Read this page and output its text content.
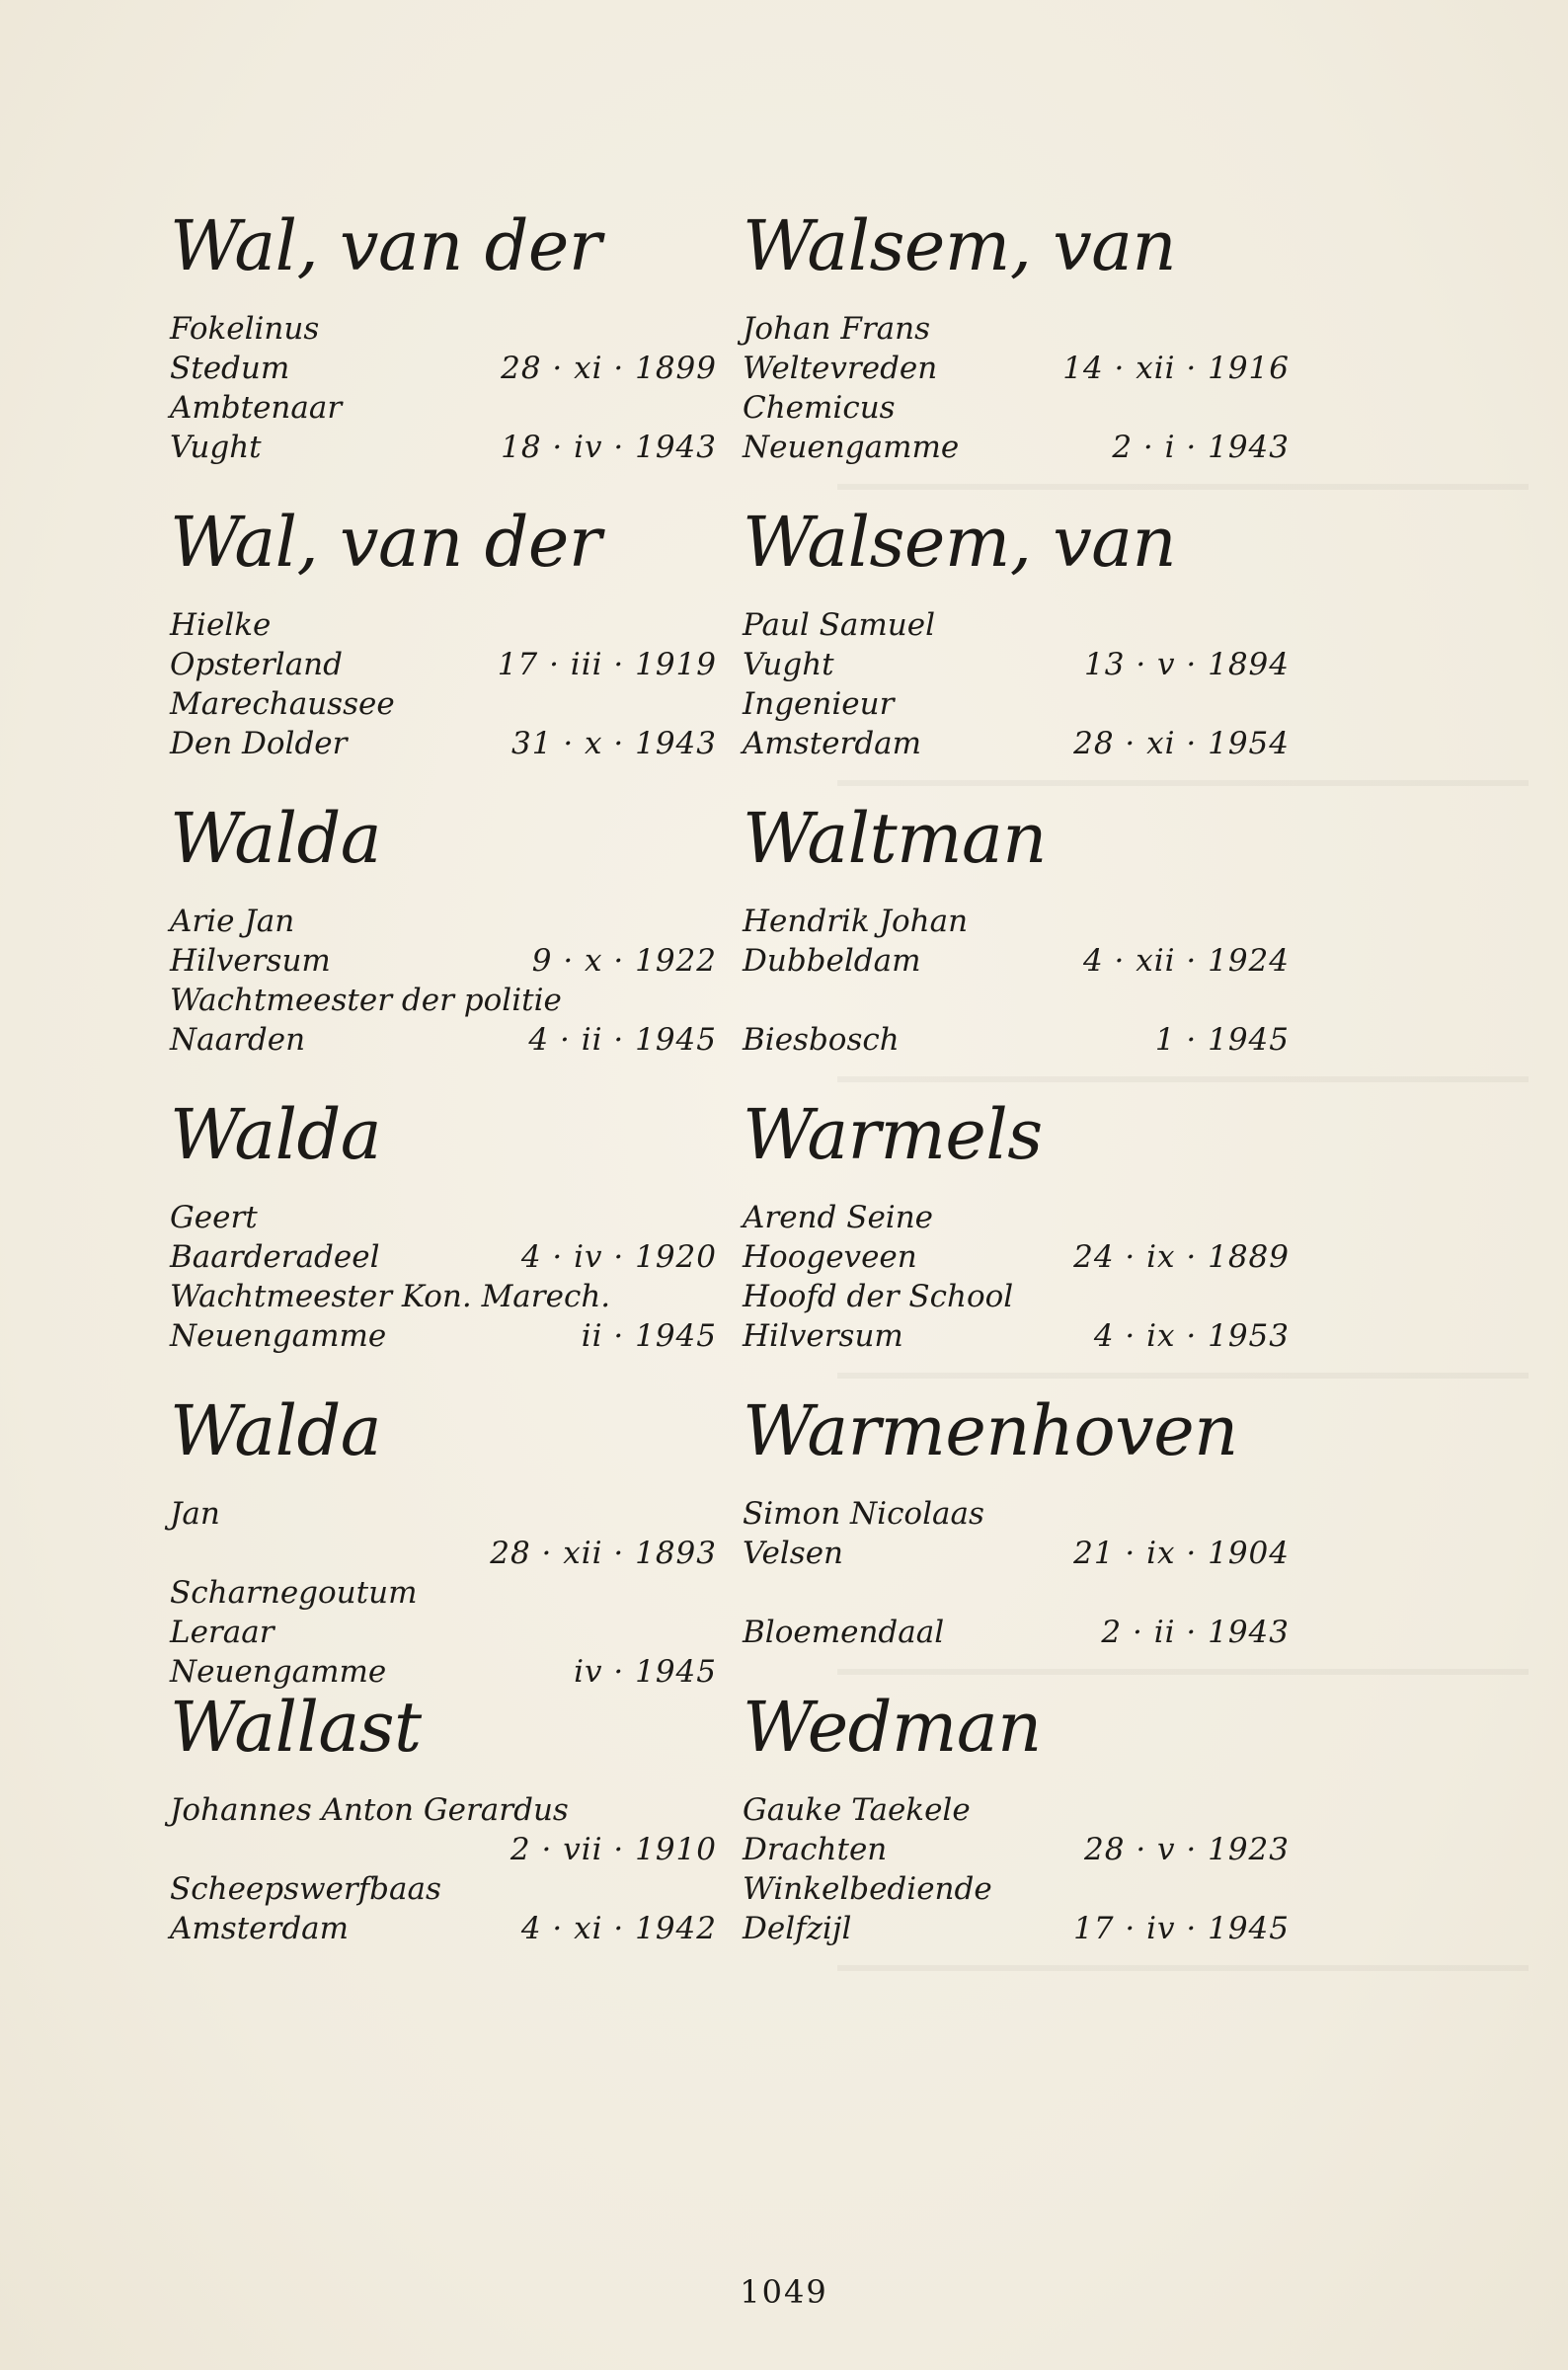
Wal, van der
Fokelinus
Stedum	28 · xi · 1899
Ambtenaar
Vught	18 · iv · 1943
Walsem, van
Johan Frans
Weltevreden	14 · xii · 1916
Chemicus
Neuengamme	2 · i · 1943
Wal, van der
Hielke
Opsterland	17 · iii · 1919
Marechaussee
Den Dolder	31 · x · 1943
Walsem, van
Paul Samuel
Vught	13 · v · 1894
Ingenieur
Amsterdam	28 · xi · 1954
Walda
Arie Jan
Hilversum	9 · x · 1922
Wachtmeester der politie
Naarden	4 · ii · 1945
Waltman
Hendrik Johan
Dubbeldam	4 · xii · 1924
Biesbosch	1 · 1945
Walda
Geert
Baarderadeel	4 · iv · 1920
Wachtmeester Kon. Marech.
Neuengamme	ii · 1945
Warmels
Arend Seine
Hoogeveen	24 · ix · 1889
Hoofd der School
Hilversum	4 · ix · 1953
Walda
Jan
28 · xii · 1893
Scharnegoutum
Leraar
Neuengamme	iv · 1945
Warmenhoven
Simon Nicolaas
Velsen	21 · ix · 1904
Bloemendaal	2 · ii · 1943
Wallast
Johannes Anton Gerardus
2 · vii · 1910
Scheepswerfbaas
Amsterdam	4 · xi · 1942
Wedman
Gauke Taekele
Drachten	28 · v · 1923
Winkelbediende
Delfzijl	17 · iv · 1945
1049
